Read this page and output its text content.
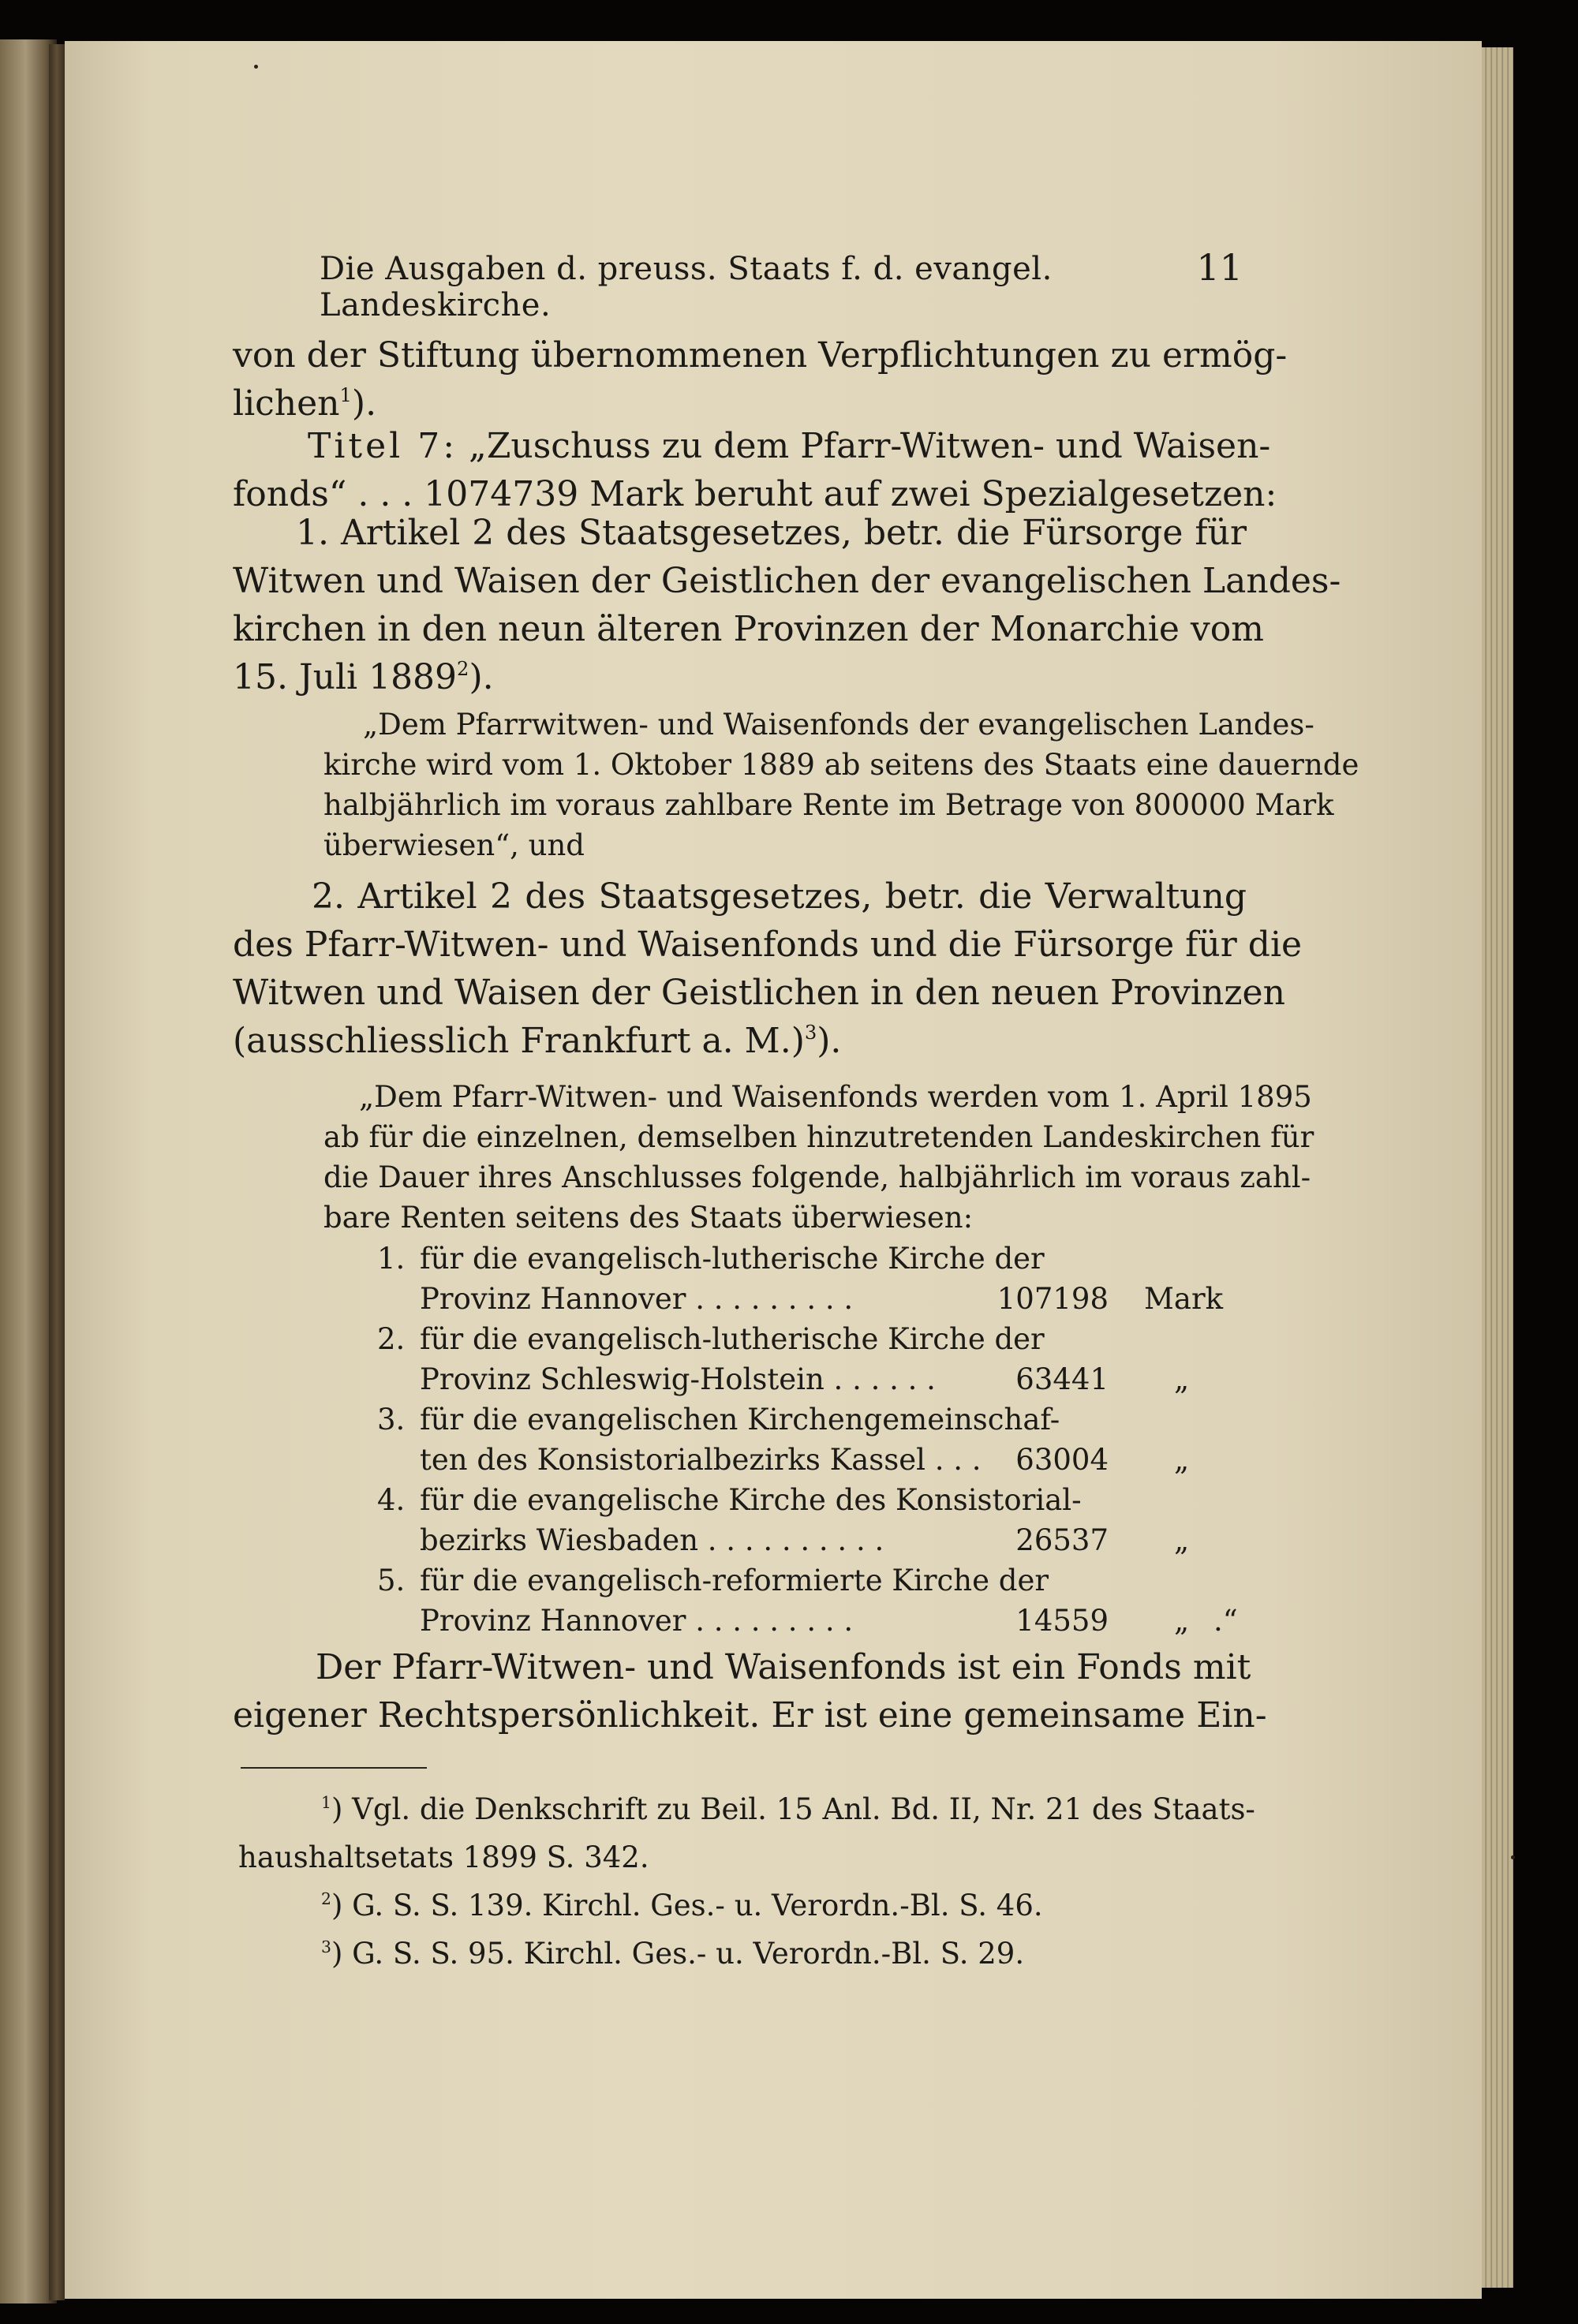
Die Ausgaben d. preuss. Staats f. d. evangel. Landeskirche.
11
von der Stiftung übernommenen Verpflichtungen zu ermög-
lichen$^1$).
Titel 7: „Zuschuss zu dem Pfarr-Witwen- und Waisen-
fonds“ . . . 1074739 Mark beruht auf zwei Spezialgesetzen:
1. Artikel 2 des Staatsgesetzes, betr. die Fürsorge für
Witwen und Waisen der Geistlichen der evangelischen Landes-
kirchen in den neun älteren Provinzen der Monarchie vom
15. Juli 1889$^2$).
„Dem Pfarrwitwen- und Waisenfonds der evangelischen Landes-
kirche wird vom 1. Oktober 1889 ab seitens des Staats eine dauernde
halbjährlich im voraus zahlbare Rente im Betrage von 800000 Mark
überwiesen“, und
2. Artikel 2 des Staatsgesetzes, betr. die Verwaltung
des Pfarr-Witwen- und Waisenfonds und die Fürsorge für die
Witwen und Waisen der Geistlichen in den neuen Provinzen
(ausschliesslich Frankfurt a. M.)$^3$).
„Dem Pfarr-Witwen- und Waisenfonds werden vom 1. April 1895
ab für die einzelnen, demselben hinzutretenden Landeskirchen für
die Dauer ihres Anschlusses folgende, halbjährlich im voraus zahl-
bare Renten seitens des Staats überwiesen:
1. für die evangelisch-lutherische Kirche der
Provinz Hannover . . . . . . . . .	107198 Mark
2. für die evangelisch-lutherische Kirche der
Provinz Schleswig-Holstein . . . . . .	63441 „
3. für die evangelischen Kirchengemeinschaf-
ten des Konsistorialbezirks Kassel . . . 63004 „
4. für die evangelische Kirche des Konsistorial-
bezirks Wiesbaden . . . . . . . . . .	26537 „
5. für die evangelisch-reformierte Kirche der
Provinz Hannover . . . . . . . . .	14559 „ .“
Der Pfarr-Witwen- und Waisenfonds ist ein Fonds mit
eigener Rechtspersönlichkeit. Er ist eine gemeinsame Ein-
$^1$) Vgl. die Denkschrift zu Beil. 15 Anl. Bd. II, Nr. 21 des Staats-
haushaltsetats 1899 S. 342.
$^2$) G. S. S. 139. Kirchl. Ges.- u. Verordn.-Bl. S. 46.
$^3$) G. S. S. 95. Kirchl. Ges.- u. Verordn.-Bl. S. 29.
